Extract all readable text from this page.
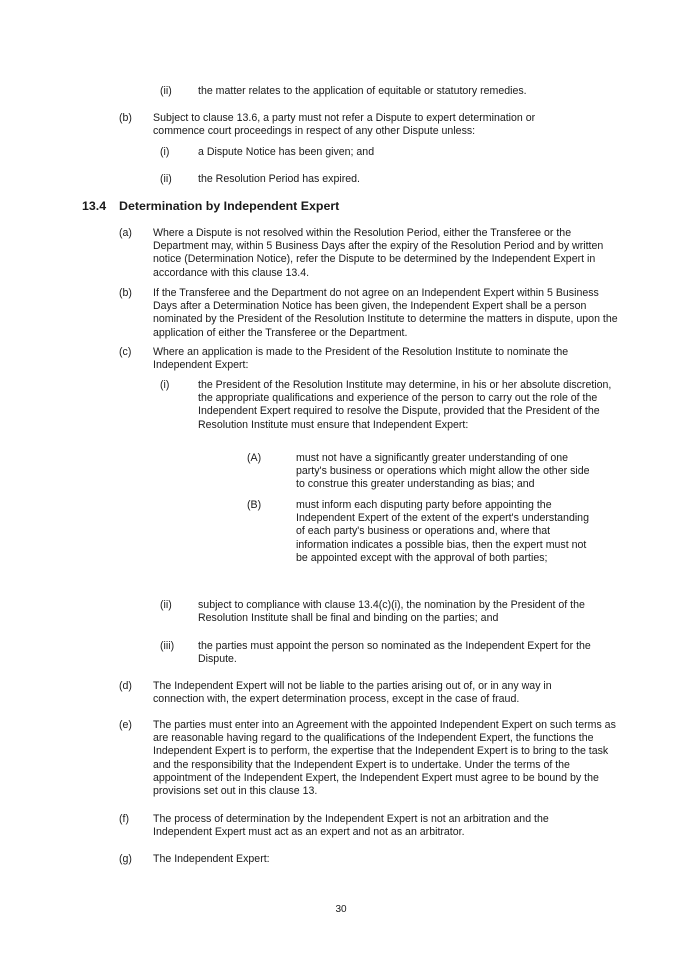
(ii) the matter relates to the application of equitable or statutory remedies.

(b) Subject to clause 13.6, a party must not refer a Dispute to expert determination or commence court proceedings in respect of any other Dispute unless:

(i)	a Dispute Notice has been given; and

(ii) the Resolution Period has expired.

13.4 Determination by Independent Expert
(a) Where a Dispute is not resolved within the Resolution Period, either the Transferee or the Department may, within 5 Business Days after the expiry of the Resolution Period and by written notice (Determination Notice), refer the Dispute to be determined by the Independent Expert in accordance with this clause 13.4.

(b) If the Transferee and the Department do not agree on an Independent Expert within 5 Business Days after a Determination Notice has been given, the Independent Expert shall be a person nominated by the President of the Resolution Institute to determine the matters in dispute, upon the application of either the Transferee or the Department.

(c) Where an application is made to the President of the Resolution Institute to nominate the Independent Expert:

(i)	the President of the Resolution Institute may determine, in his or her absolute discretion, the appropriate qualifications and experience of the person to carry out the role of the Independent Expert required to resolve the Dispute, provided that the President of the Resolution Institute must ensure that Independent Expert:

(A)	must not have a significantly greater understanding of one party's business or operations which might allow the other side to construe this greater understanding as bias; and

(B)	must inform each disputing party before appointing the Independent Expert of the extent of the expert's understanding of each party's business or operations and, where that information indicates a possible bias, then the expert must not be appointed except with the approval of both parties;

(ii) subject to compliance with clause 13.4(c)(i), the nomination by the President of the Resolution Institute shall be final and binding on the parties; and

(iii) the parties must appoint the person so nominated as the Independent Expert for the Dispute.

(d) The Independent Expert will not be liable to the parties arising out of, or in any way in connection with, the expert determination process, except in the case of fraud.

(e) The parties must enter into an Agreement with the appointed Independent Expert on such terms as are reasonable having regard to the qualifications of the Independent Expert, the functions the Independent Expert is to perform, the expertise that the Independent Expert is to bring to the task and the responsibility that the Independent Expert is to undertake. Under the terms of the appointment of the Independent Expert, the Independent Expert must agree to be bound by the provisions set out in this clause 13.

(f) The process of determination by the Independent Expert is not an arbitration and the Independent Expert must act as an expert and not as an arbitrator.

(g) The Independent Expert:

30
